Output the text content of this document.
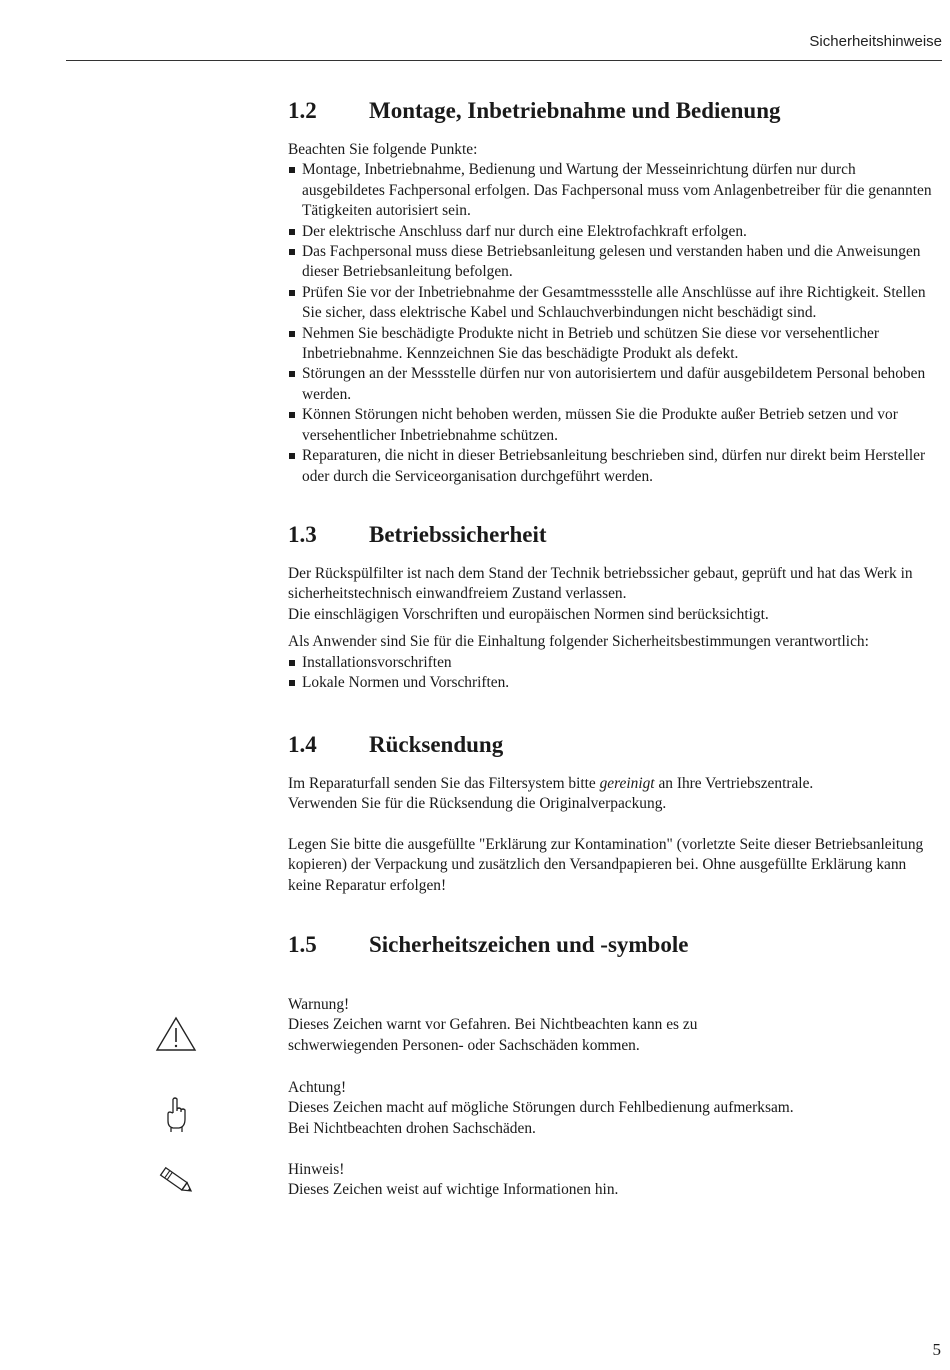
Sicherheitshinweise
1.2	Montage, Inbetriebnahme und Bedienung

Beachten Sie folgende Punkte:

Montage, Inbetriebnahme, Bedienung und Wartung der Messeinrichtung dürfen nur durch ausgebildetes Fachpersonal erfolgen. Das Fachpersonal muss vom Anlagenbetreiber für die genannten Tätigkeiten autorisiert sein.
Der elektrische Anschluss darf nur durch eine Elektrofachkraft erfolgen.
Das Fachpersonal muss diese Betriebsanleitung gelesen und verstanden haben und die Anweisungen dieser Betriebsanleitung befolgen.
Prüfen Sie vor der Inbetriebnahme der Gesamtmessstelle alle Anschlüsse auf ihre Richtigkeit. Stellen Sie sicher, dass elektrische Kabel und Schlauchverbindungen nicht beschädigt sind.
Nehmen Sie beschädigte Produkte nicht in Betrieb und schützen Sie diese vor versehentlicher Inbetriebnahme. Kennzeichnen Sie das beschädigte Produkt als defekt.
Störungen an der Messstelle dürfen nur von autorisiertem und dafür ausgebildetem Personal behoben werden.
Können Störungen nicht behoben werden, müssen Sie die Produkte außer Betrieb setzen und vor versehentlicher Inbetriebnahme schützen.
Reparaturen, die nicht in dieser Betriebsanleitung beschrieben sind, dürfen nur direkt beim Hersteller oder durch die Serviceorganisation durchgeführt werden.
1.3	Betriebssicherheit

Der Rückspülfilter ist nach dem Stand der Technik betriebssicher gebaut, geprüft und hat das Werk in sicherheitstechnisch einwandfreiem Zustand verlassen.

Die einschlägigen Vorschriften und europäischen Normen sind berücksichtigt.

Als Anwender sind Sie für die Einhaltung folgender Sicherheitsbestimmungen verantwortlich:

Installationsvorschriften
Lokale Normen und Vorschriften.
1.4	Rücksendung

Im Reparaturfall senden Sie das Filtersystem bitte gereinigt an Ihre Vertriebszentrale.

Verwenden Sie für die Rücksendung die Originalverpackung.

Legen Sie bitte die ausgefüllte "Erklärung zur Kontamination" (vorletzte Seite dieser Betriebsanleitung kopieren) der Verpackung und zusätzlich den Versandpapieren bei. Ohne ausgefüllte Erklärung kann keine Reparatur erfolgen!

1.5	Sicherheitszeichen und -symbole

Warnung!

Dieses Zeichen warnt vor Gefahren. Bei Nichtbeachten kann es zu

schwerwiegenden Personen- oder Sachschäden kommen.

Achtung!

Dieses Zeichen macht auf mögliche Störungen durch Fehlbedienung aufmerksam.

Bei Nichtbeachten drohen Sachschäden.

Hinweis!

Dieses Zeichen weist auf wichtige Informationen hin.

5
